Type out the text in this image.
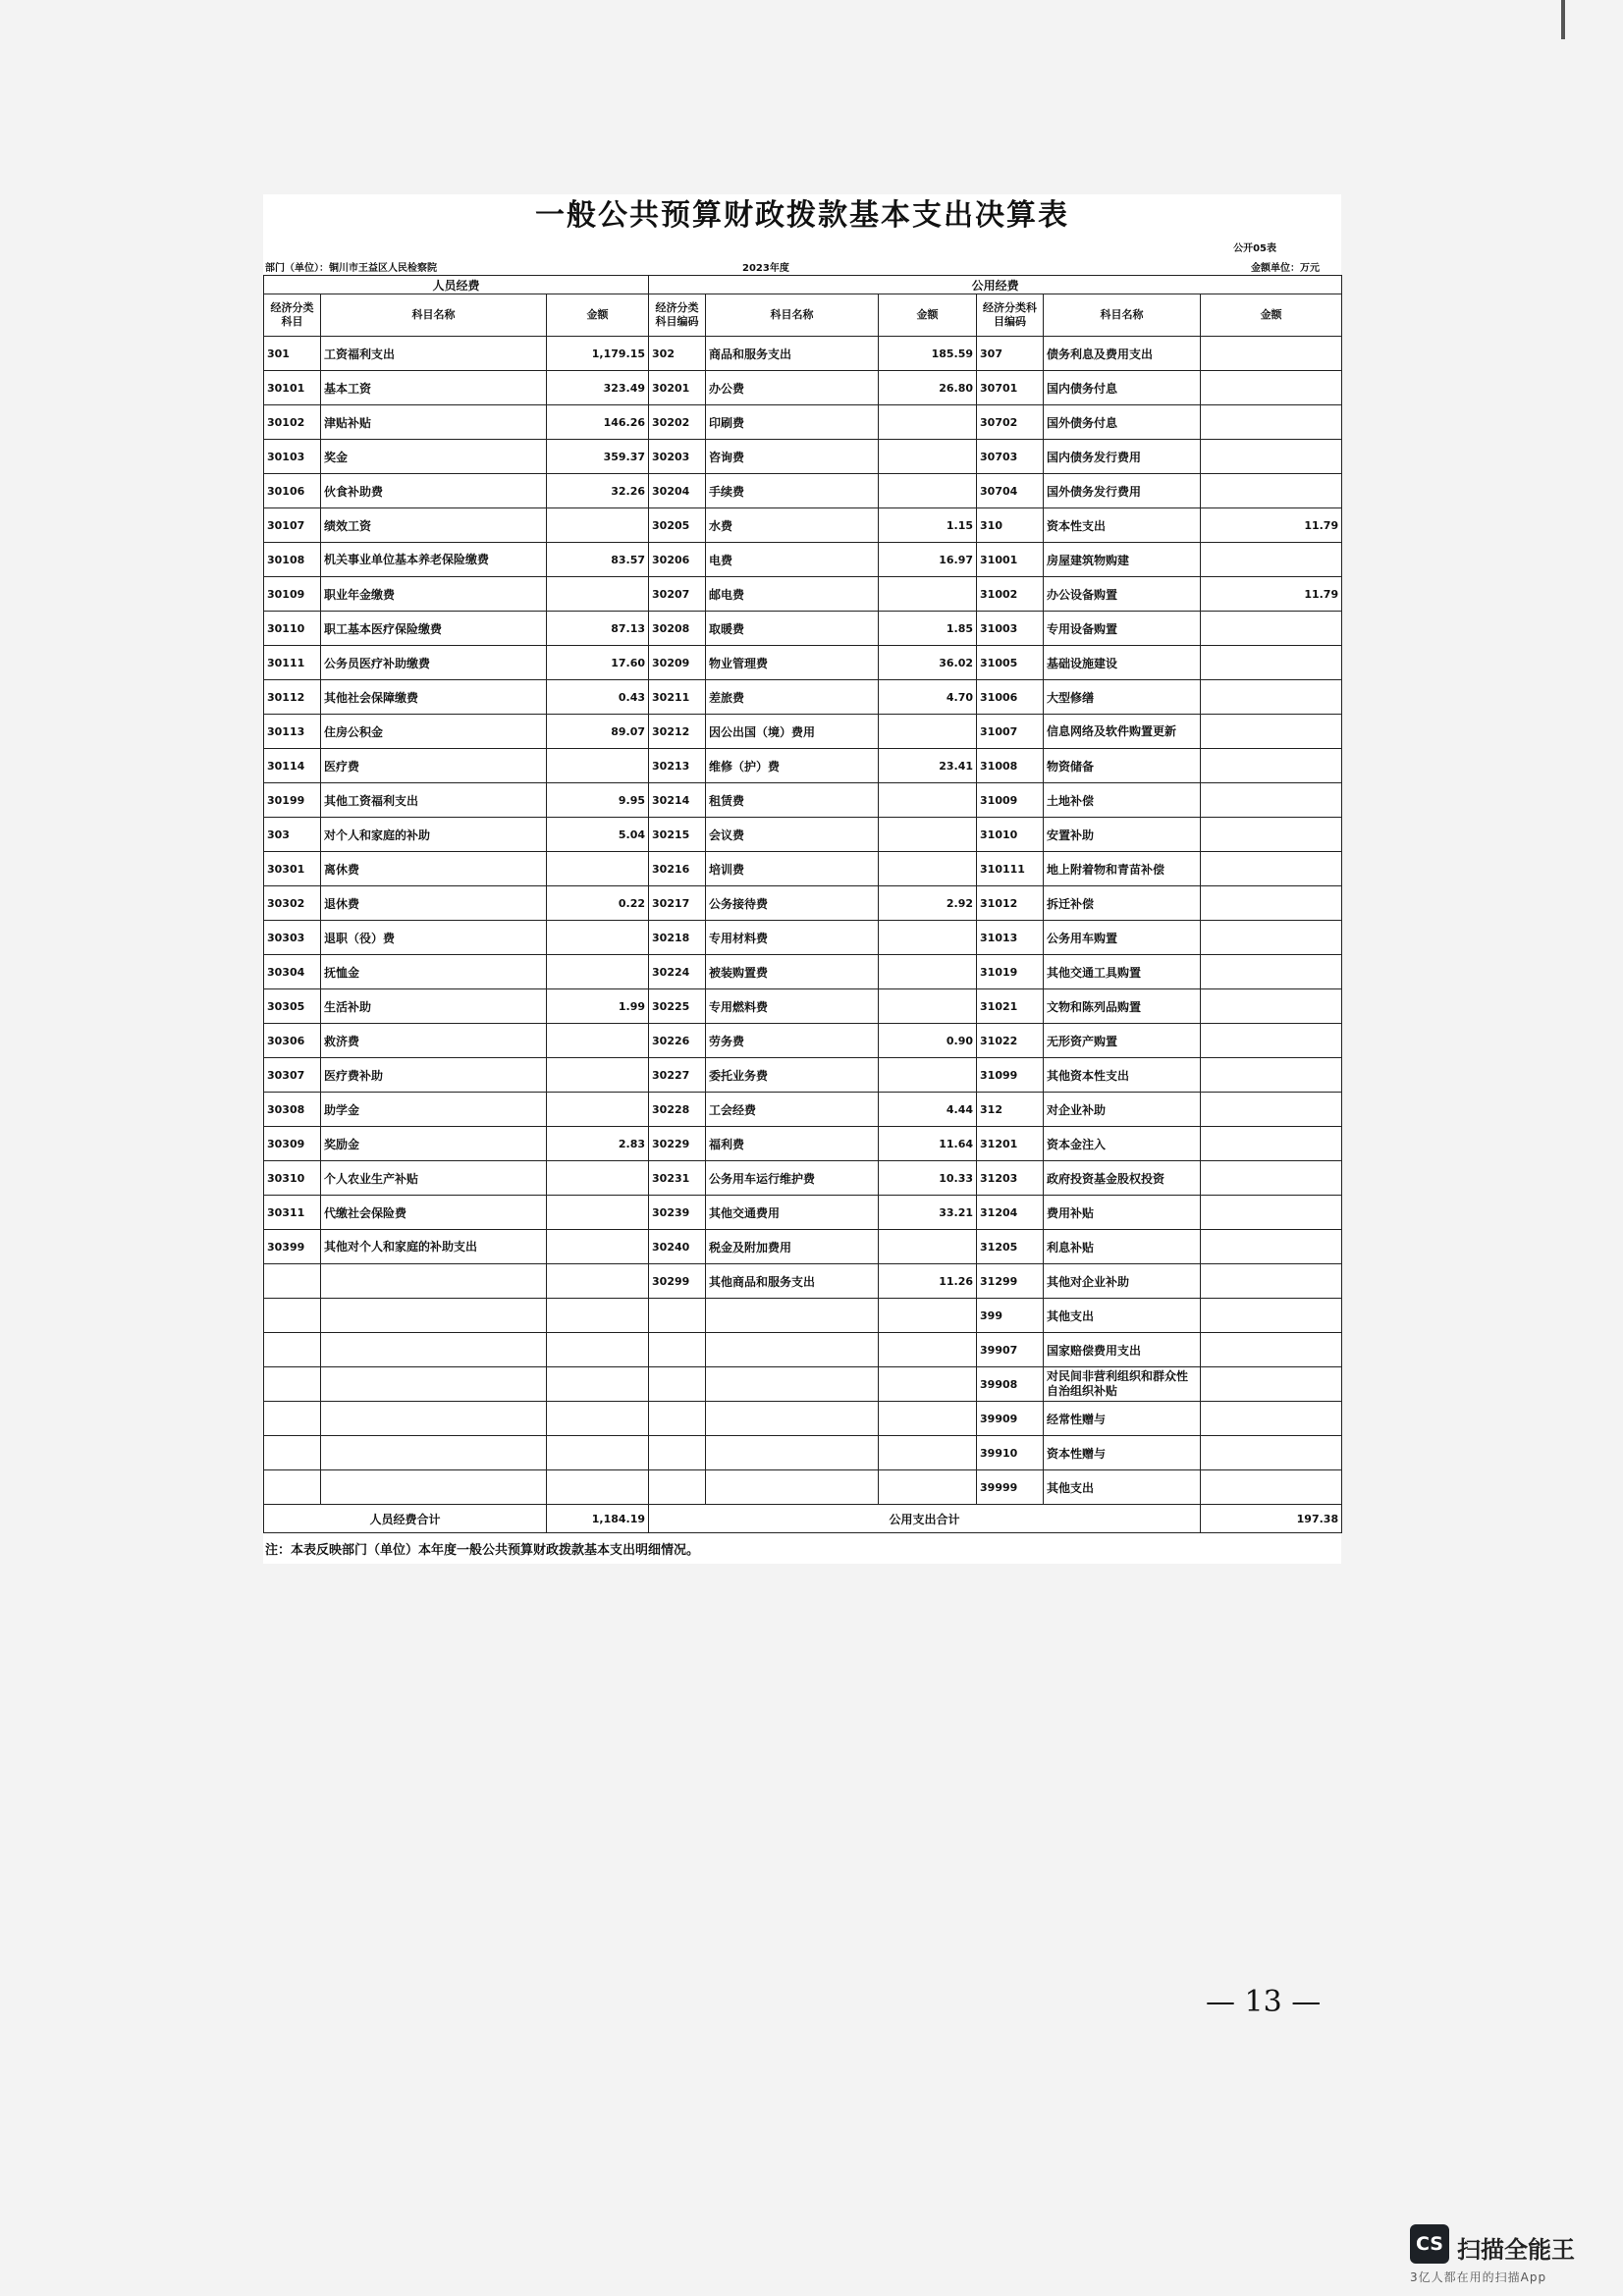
一般公共预算财政拨款基本支出决算表
公开05表
部门（单位）：铜川市王益区人民检察院	2023年度	金额单位：万元
人员经费			公用经费					
经济分类科目	科目名称	金额	经济分类科目编码	科目名称	金额	经济分类科目编码	科目名称	金额
301	工资福利支出	1,179.15	302	商品和服务支出	185.59	307	债务利息及费用支出	
30101	基本工资	323.49	30201	办公费	26.80	30701	国内债务付息	
30102	津贴补贴	146.26	30202	印刷费		30702	国外债务付息	
30103	奖金	359.37	30203	咨询费		30703	国内债务发行费用	
30106	伙食补助费	32.26	30204	手续费		30704	国外债务发行费用	
30107	绩效工资		30205	水费	1.15	310	资本性支出	11.79
30108	机关事业单位基本养老保险缴费	83.57	30206	电费	16.97	31001	房屋建筑物购建	
30109	职业年金缴费		30207	邮电费		31002	办公设备购置	11.79
30110	职工基本医疗保险缴费	87.13	30208	取暖费	1.85	31003	专用设备购置	
30111	公务员医疗补助缴费	17.60	30209	物业管理费	36.02	31005	基础设施建设	
30112	其他社会保障缴费	0.43	30211	差旅费	4.70	31006	大型修缮	
30113	住房公积金	89.07	30212	因公出国（境）费用		31007	信息网络及软件购置更新	
30114	医疗费		30213	维修（护）费	23.41	31008	物资储备	
30199	其他工资福利支出	9.95	30214	租赁费		31009	土地补偿	
303	对个人和家庭的补助	5.04	30215	会议费		31010	安置补助	
30301	离休费		30216	培训费		310111	地上附着物和青苗补偿	
30302	退休费	0.22	30217	公务接待费	2.92	31012	拆迁补偿	
30303	退职（役）费		30218	专用材料费		31013	公务用车购置	
30304	抚恤金		30224	被装购置费		31019	其他交通工具购置	
30305	生活补助	1.99	30225	专用燃料费		31021	文物和陈列品购置	
30306	救济费		30226	劳务费	0.90	31022	无形资产购置	
30307	医疗费补助		30227	委托业务费		31099	其他资本性支出	
30308	助学金		30228	工会经费	4.44	312	对企业补助	
30309	奖励金	2.83	30229	福利费	11.64	31201	资本金注入	
30310	个人农业生产补贴		30231	公务用车运行维护费	10.33	31203	政府投资基金股权投资	
30311	代缴社会保险费		30239	其他交通费用	33.21	31204	费用补贴	
30399	其他对个人和家庭的补助支出		30240	税金及附加费用		31205	利息补贴	
			30299	其他商品和服务支出	11.26	31299	其他对企业补助	
						399	其他支出	
						39907	国家赔偿费用支出	
						39908	对民间非营利组织和群众性自治组织补贴	
						39909	经常性赠与	
						39910	资本性赠与	
						39999	其他支出	
人员经费合计		1,184.19	公用支出合计					197.38
注：本表反映部门（单位）本年度一般公共预算财政拨款基本支出明细情况。
— 13 —
CS 扫描全能王
3亿人都在用的扫描App
